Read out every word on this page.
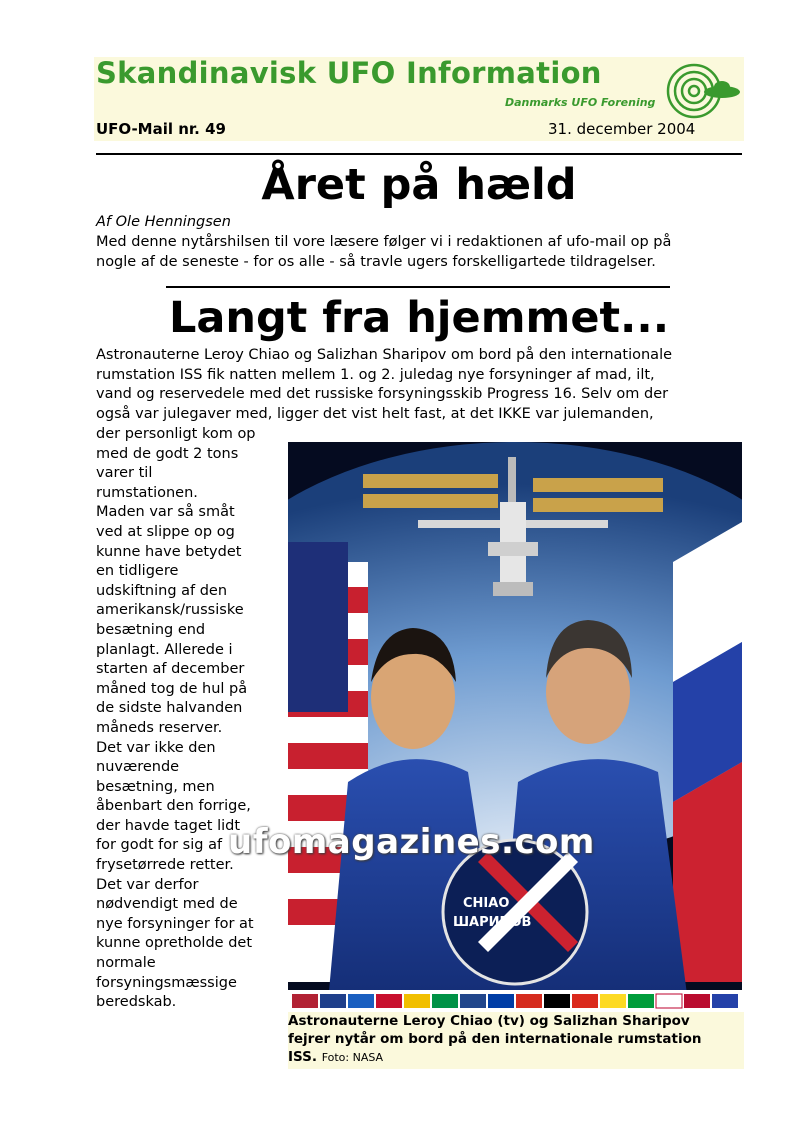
Skandinavisk UFO Information
Danmarks UFO Forening
UFO-Mail nr. 49	31. december 2004
Året på hæld
Af Ole Henningsen
Med denne nytårshilsen til vore læsere følger vi i redaktionen af ufo-mail op på
nogle af de seneste - for os alle - så travle ugers forskelligartede tildragelser.
Langt fra hjemmet...
Astronauterne Leroy Chiao og Salizhan Sharipov om bord på den internationale
rumstation ISS fik natten mellem 1. og 2. juledag nye forsyninger af mad, ilt,
vand og reservedele med det russiske forsyningsskib Progress 16. Selv om der
også var julegaver med, ligger det vist helt fast, at det IKKE var julemanden,
der personligt kom op
med de godt 2 tons
varer til
rumstationen.
Maden var så småt
ved at slippe op og
kunne have betydet
en tidligere
udskiftning af den
amerikansk/russiske
besætning end
planlagt. Allerede i
starten af december
måned tog de hul på
de sidste halvanden
måneds reserver.
Det var ikke den
nuværende
besætning, men
åbenbart den forrige,
der havde taget lidt
for godt for sig af
frysetørrede retter.
Det var derfor
nødvendigt med de
nye forsyninger for at
kunne opretholde det
normale
forsyningsmæssige
beredskab.
CHIAO
ШАРИПОВ
Astronauterne Leroy Chiao (tv) og Salizhan Sharipov
fejrer nytår om bord på den internationale rumstation
ISS. Foto: NASA
ufomagazines.com
